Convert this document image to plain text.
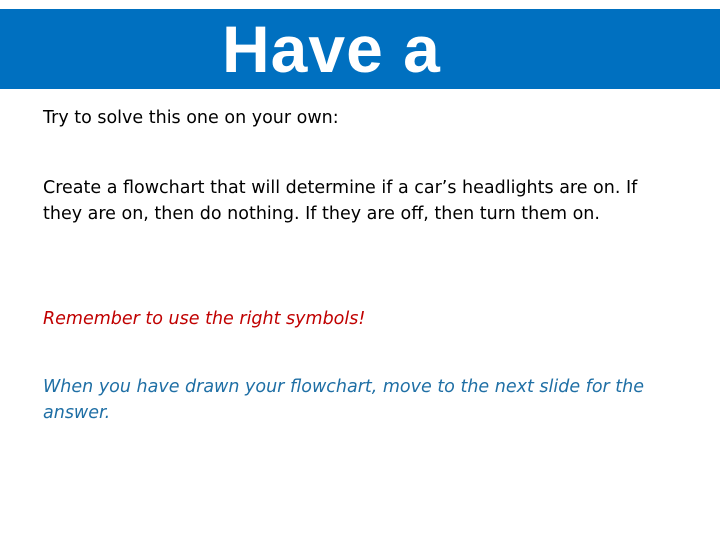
Have a
Try to solve this one on your own:
Create a flowchart that will determine if a car’s headlights are on. If they are on, then do nothing. If they are off, then turn them on.
Remember to use the right symbols!
When you have drawn your flowchart, move to the next slide for the answer.
